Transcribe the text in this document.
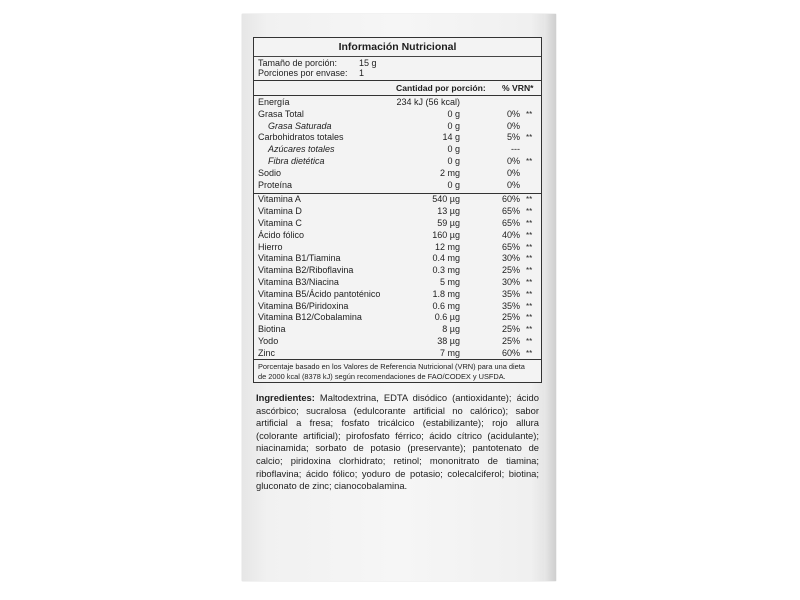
Información Nutricional
Tamaño de porción: 15 g
Porciones por envase: 1
Cantidad por porción: % VRN*
Energía	234 kJ (56 kcal)
Grasa Total	0 g	0% **
Grasa Saturada	0 g	0%
Carbohidratos totales	14 g	5% **
Azúcares totales	0 g	---
Fibra dietética	0 g	0% **
Sodio	2 mg	0%
Proteína	0 g	0%
Vitamina A	540 µg	60% **
Vitamina D	13 µg	65% **
Vitamina C	59 µg	65% **
Ácido fólico	160 µg	40% **
Hierro	12 mg	65% **
Vitamina B1/Tiamina	0.4 mg	30% **
Vitamina B2/Riboflavina	0.3 mg	25% **
Vitamina B3/Niacina	5 mg	30% **
Vitamina B5/Ácido pantoténico	1.8 mg	35% **
Vitamina B6/Piridoxina	0.6 mg	35% **
Vitamina B12/Cobalamina	0.6 µg	25% **
Biotina	8 µg	25% **
Yodo	38 µg	25% **
Zinc	7 mg	60% **
Porcentaje basado en los Valores de Referencia Nutricional (VRN) para una dieta de 2000 kcal (8378 kJ) según recomendaciones de FAO/CODEX y USFDA.
Ingredientes: Maltodextrina, EDTA disódico (antioxidante); ácido ascórbico; sucralosa (edulcorante artificial no calórico); sabor artificial a fresa; fosfato tricálcico (estabilizante); rojo allura (colorante artificial); pirofosfato férrico; ácido cítrico (acidulante); niacinamida; sorbato de potasio (preservante); pantotenato de calcio; piridoxina clorhidrato; retinol; mononitrato de tiamina; riboflavina; ácido fólico; yoduro de potasio; colecalciferol; biotina; gluconato de zinc; cianocobalamina.
